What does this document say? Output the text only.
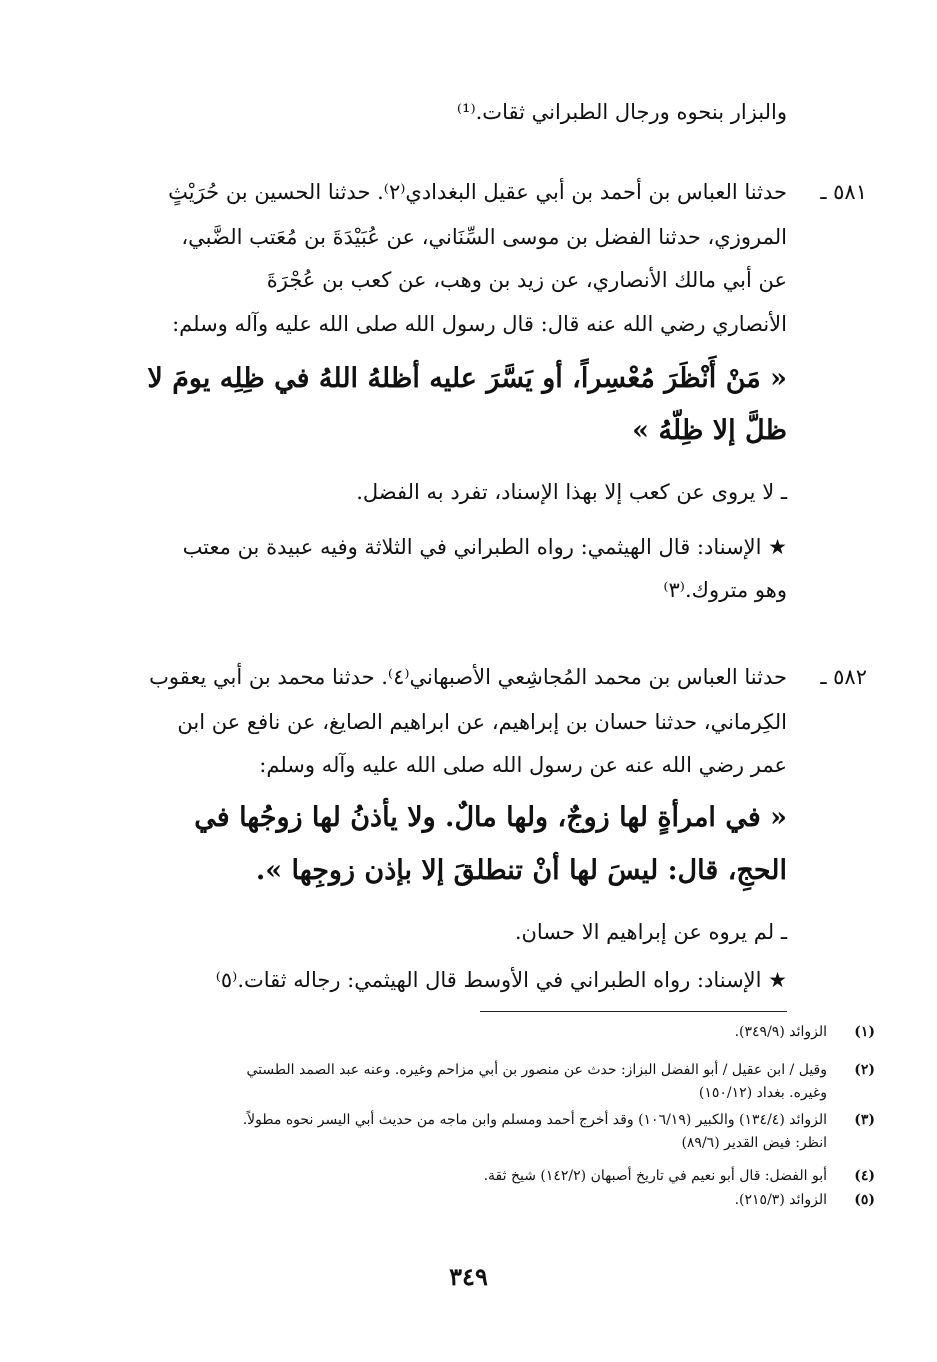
والبزار بنحوه ورجال الطبراني ثقات.⁽¹⁾
٥٨١ ـ
حدثنا العباس بن أحمد بن أبي عقيل البغدادي⁽٢⁾. حدثنا الحسين بن حُرَيْثٍ
المروزي، حدثنا الفضل بن موسى السِّنَاني، عن عُبَيْدَةَ بن مُعَتب الضَّبي،
عن أبي مالك الأنصاري، عن زيد بن وهب، عن كعب بن عُجْرَةَ
الأنصاري رضي الله عنه قال: قال رسول الله صلى الله عليه وآله وسلم:
« مَنْ أَنْظَرَ مُعْسِراً، أو يَسَّرَ عليه أظلهُ اللهُ في ظِلِه يومَ لا
ظلَّ إلا ظِلّهُ »
ـ لا يروى عن كعب إلا بهذا الإسناد، تفرد به الفضل.
★ الإسناد: قال الهيثمي: رواه الطبراني في الثلاثة وفيه عبيدة بن معتب
وهو متروك.⁽٣⁾
٥٨٢ ـ
حدثنا العباس بن محمد المُجاشِعي الأصبهاني⁽٤⁾. حدثنا محمد بن أبي يعقوب
الكِرماني، حدثنا حسان بن إبراهيم، عن ابراهيم الصايغ، عن نافع عن ابن
عمر رضي الله عنه عن رسول الله صلى الله عليه وآله وسلم:
« في امرأةٍ لها زوجٌ، ولها مالٌ. ولا يأذنُ لها زوجُها في
الحجِ، قال: ليسَ لها أنْ تنطلقَ إلا بإذن زوجِها ».
ـ لم يروه عن إبراهيم الا حسان.
★ الإسناد: رواه الطبراني في الأوسط قال الهيثمي: رجاله ثقات.⁽٥⁾
(١)
الزوائد (٣٤٩/٩).
(٢)
وقيل / ابن عقيل / أبو الفضل البزاز: حدث عن منصور بن أبي مزاحم وغيره. وعنه عبد الصمد الطستي
وغيره. بغداد (١٥٠/١٢)
(٣)
الزوائد (١٣٤/٤) والكبير (١٠٦/١٩) وقد أخرج أحمد ومسلم وابن ماجه من حديث أبي اليسر نحوه مطولاً.
انظر: فيض القدير (٨٩/٦)
(٤)
أبو الفضل: قال أبو نعيم في تاريخ أصبهان (١٤٢/٢) شيخ ثقة.
(٥)
الزوائد (٢١٥/٣).
٣٤٩
